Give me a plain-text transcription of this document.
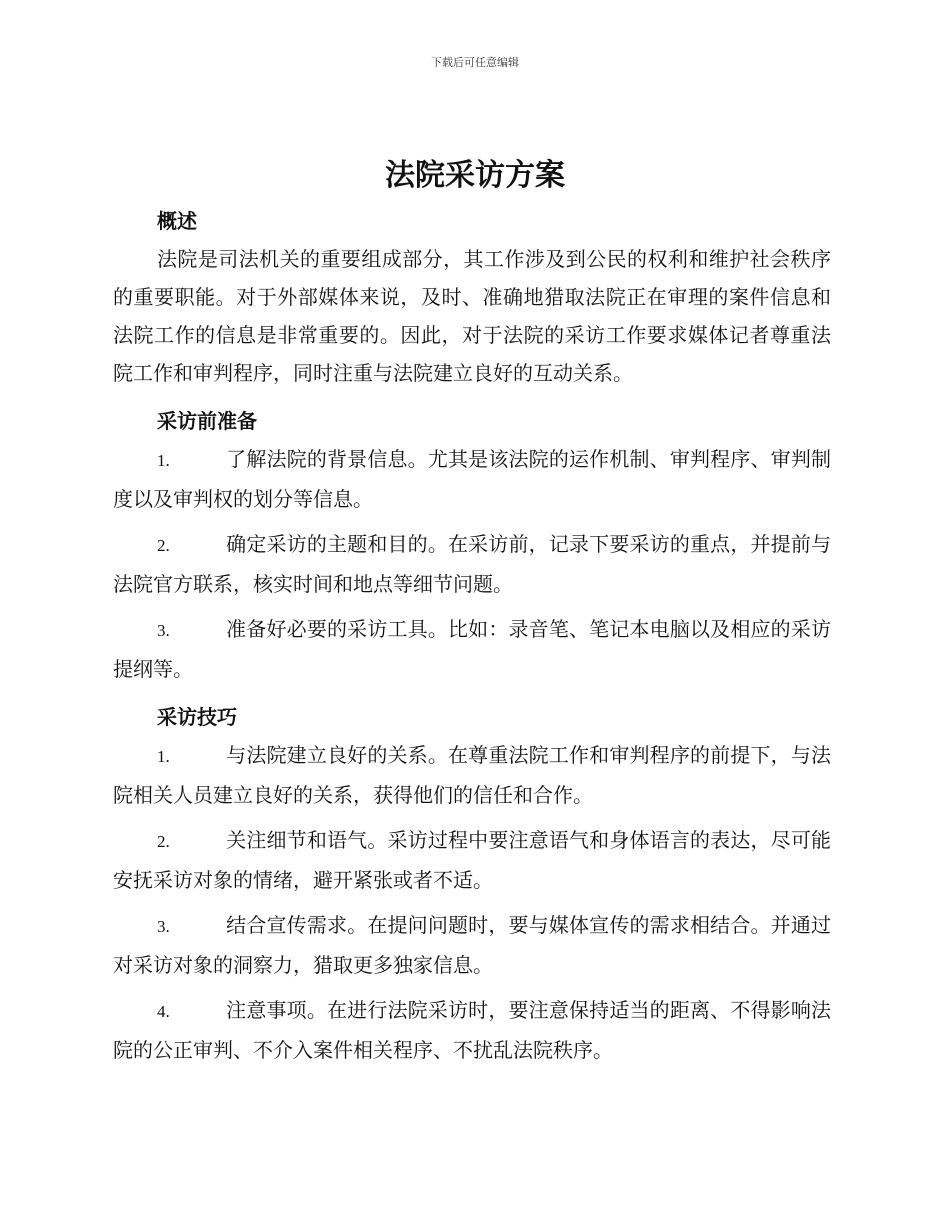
下载后可任意编辑
法院采访方案
概述

法院是司法机关的重要组成部分，其工作涉及到公民的权利和维护社会秩序的重要职能。对于外部媒体来说，及时、准确地猎取法院正在审理的案件信息和法院工作的信息是非常重要的。因此，对于法院的采访工作要求媒体记者尊重法院工作和审判程序，同时注重与法院建立良好的互动关系。

采访前准备

1.	了解法院的背景信息。尤其是该法院的运作机制、审判程序、审判制度以及审判权的划分等信息。

2.	确定采访的主题和目的。在采访前，记录下要采访的重点，并提前与法院官方联系，核实时间和地点等细节问题。

3.	准备好必要的采访工具。比如：录音笔、笔记本电脑以及相应的采访提纲等。

采访技巧

1.	与法院建立良好的关系。在尊重法院工作和审判程序的前提下，与法院相关人员建立良好的关系，获得他们的信任和合作。

2.	关注细节和语气。采访过程中要注意语气和身体语言的表达，尽可能安抚采访对象的情绪，避开紧张或者不适。

3.	结合宣传需求。在提问问题时，要与媒体宣传的需求相结合。并通过对采访对象的洞察力，猎取更多独家信息。

4.	注意事项。在进行法院采访时，要注意保持适当的距离、不得影响法院的公正审判、不介入案件相关程序、不扰乱法院秩序。
